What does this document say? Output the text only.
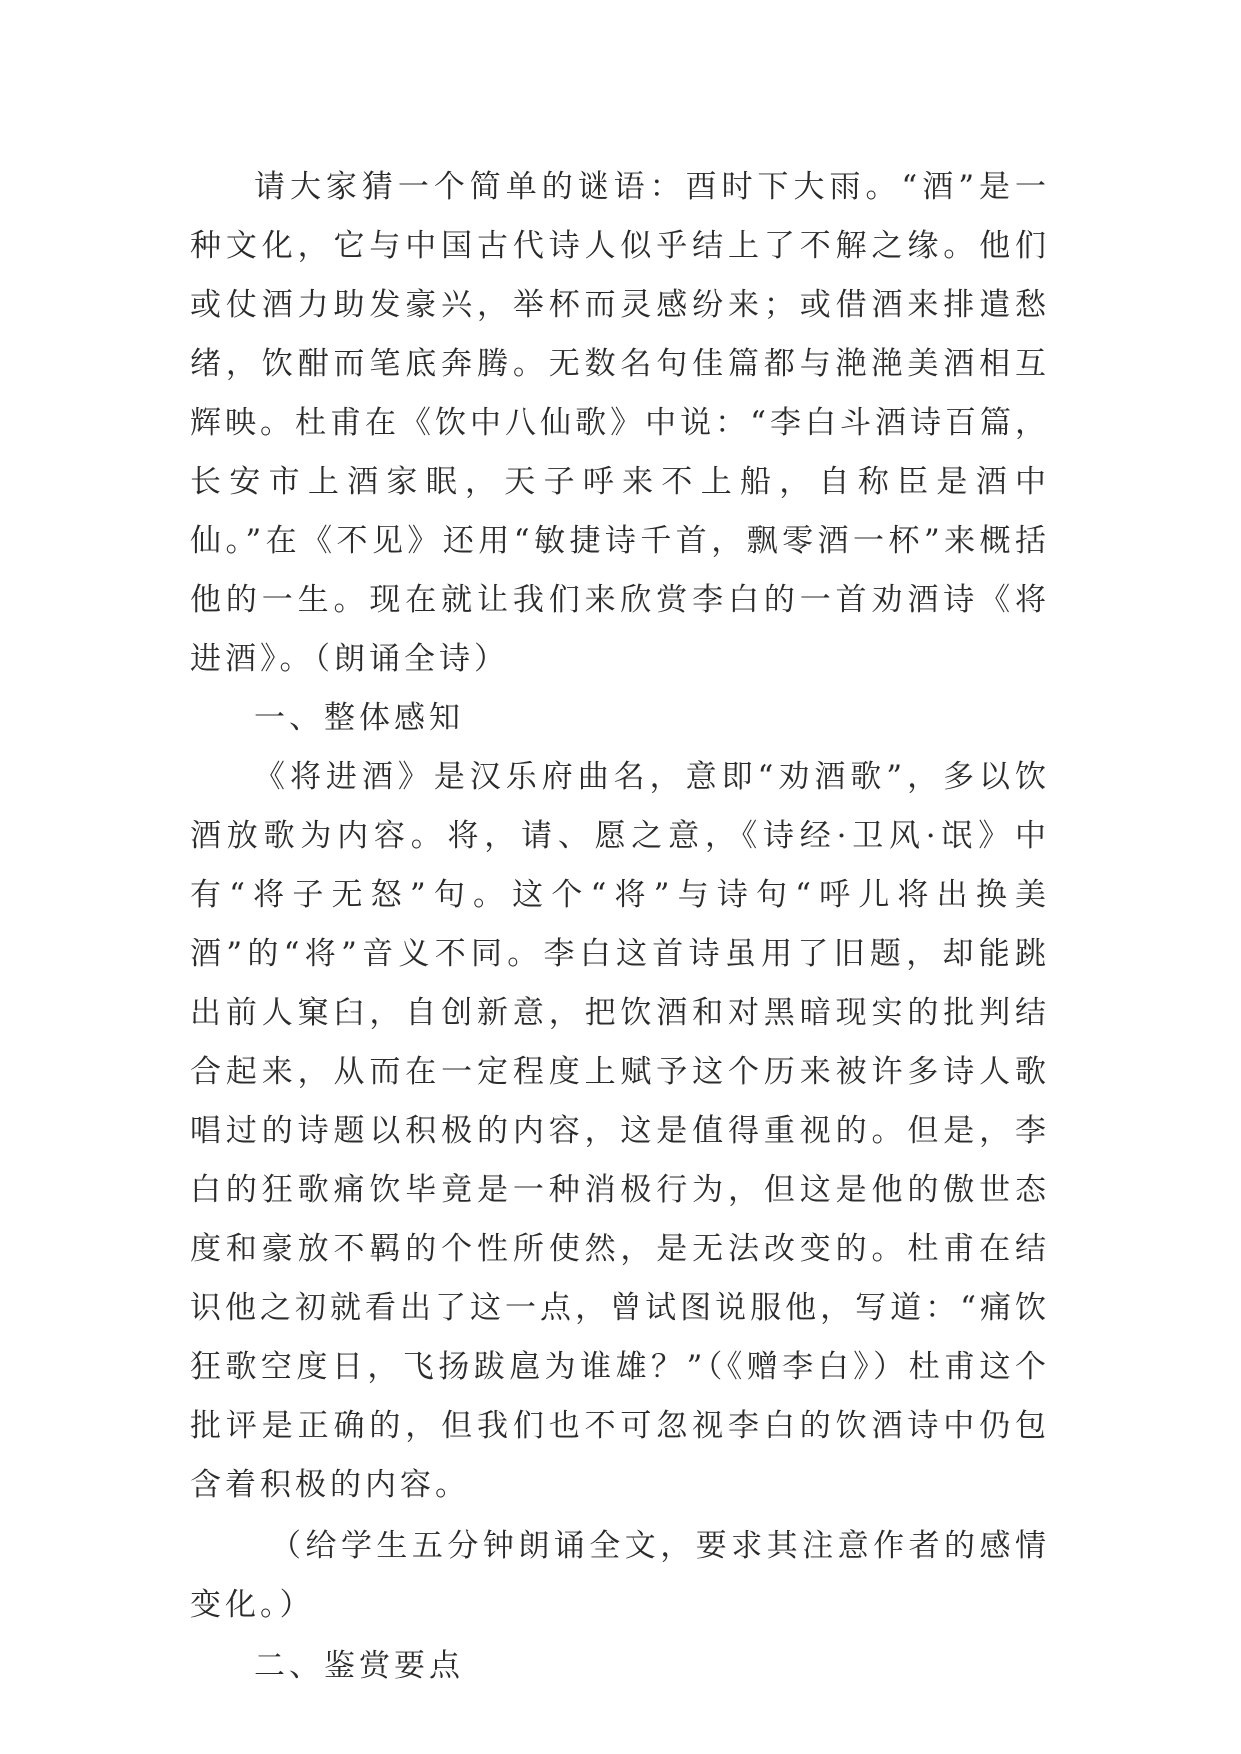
请大家猜一个简单的谜语：酉时下大雨。“酒”是一种文化，它与中国古代诗人似乎结上了不解之缘。他们或仗酒力助发豪兴，举杯而灵感纷来；或借酒来排遣愁绪，饮酣而笔底奔腾。无数名句佳篇都与滟滟美酒相互辉映。杜甫在《饮中八仙歌》中说：“李白斗酒诗百篇，长安市上酒家眠，天子呼来不上船，自称臣是酒中仙。”在《不见》还用“敏捷诗千首，飘零酒一杯”来概括他的一生。现在就让我们来欣赏李白的一首劝酒诗《将进酒》。（朗诵全诗）

一、整体感知

《将进酒》是汉乐府曲名，意即“劝酒歌”，多以饮酒放歌为内容。将，请、愿之意，《诗经·卫风·氓》中有“将子无怒”句。这个“将”与诗句“呼儿将出换美酒”的“将”音义不同。李白这首诗虽用了旧题，却能跳出前人窠臼，自创新意，把饮酒和对黑暗现实的批判结合起来，从而在一定程度上赋予这个历来被许多诗人歌唱过的诗题以积极的内容，这是值得重视的。但是，李白的狂歌痛饮毕竟是一种消极行为，但这是他的傲世态度和豪放不羁的个性所使然，是无法改变的。杜甫在结识他之初就看出了这一点，曾试图说服他，写道：“痛饮狂歌空度日，飞扬跋扈为谁雄？”（《赠李白》）杜甫这个批评是正确的，但我们也不可忽视李白的饮酒诗中仍包含着积极的内容。

（给学生五分钟朗诵全文，要求其注意作者的感情变化。）

二、鉴赏要点
